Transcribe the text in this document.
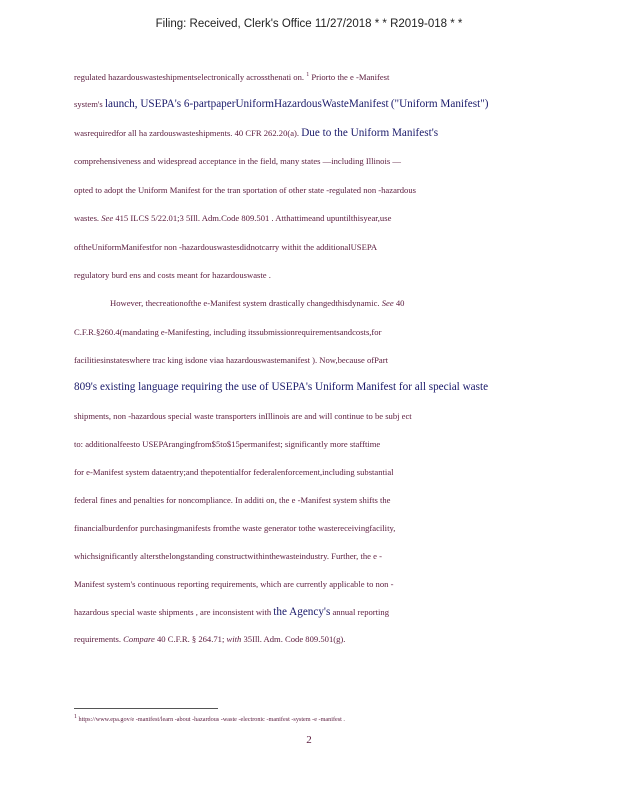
Filing: Received, Clerk's Office 11/27/2018 * * R2019-018 * *
regulated hazardouswasteshipmentselectronically acrossthenati on. $^1$ Priorto the e -Manifest
system's launch, USEPA's 6-partpaperUniformHazardousWasteManifest ("Uniform Manifest")
wasrequiredfor all ha zardouswasteshipments. 40 CFR 262.20(a). Due to the Uniform Manifest's
comprehensiveness and widespread acceptance in the field, many states —including Illinois —
opted to adopt the Uniform Manifest for the tran sportation of other state -regulated non -hazardous
wastes. See 415 ILCS 5/22.01;3 5Ill. Adm.Code 809.501 . Atthattimeand upuntilthisyear,use
oftheUniformManifestfor non -hazardouswastesdidnotcarry withit the additionalUSEPA
regulatory burd ens and costs meant for hazardouswaste .
However, thecreationofthe e-Manifest system drastically changedthisdynamic. See 40
C.F.R.§260.4(mandating e-Manifesting, including itssubmissionrequirementsandcosts,for
facilitiesinstateswhere trac king isdone viaa hazardouswastemanifest ). Now,because ofPart
809's existing language requiring the use of USEPA's Uniform Manifest for all special waste
shipments, non -hazardous special waste transporters inIllinois are and will continue to be subj ect
to: additionalfeesto USEPArangingfrom$5to$15permanifest; significantly more stafftime
for e-Manifest system dataentry;and thepotentialfor federalenforcement,including substantial
federal fines and penalties for noncompliance. In additi on, the e -Manifest system shifts the
financialburdenfor purchasingmanifests fromthe waste generator tothe wastereceivingfacility,
whichsignificantly altersthelongstanding constructwithinthewasteindustry. Further, the e -
Manifest system's continuous reporting requirements, which are currently applicable to non -
hazardous special waste shipments , are inconsistent with the Agency's annual reporting
requirements. Compare 40 C.F.R. § 264.71; with 35Ill. Adm. Code 809.501(g).
1 https://www.epa.gov/e -manifest/learn -about -hazardous -waste -electronic -manifest -system -e -manifest .
2
